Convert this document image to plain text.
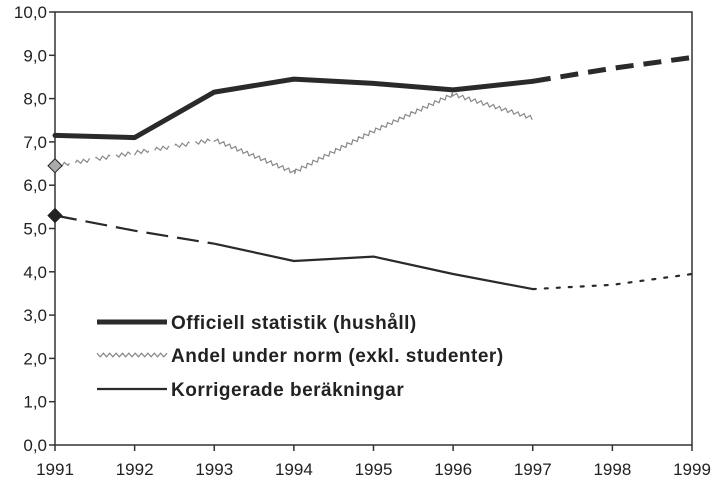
1991 1992 1993 1994 1995 1996 1997 1998 1999
0,0
1,0
2,0
3,0
4,0
5,0
6,0
7,0
8,0
9,0
10,0
Officiell statistik (hushåll)
Andel under norm (exkl. studenter)
Korrigerade beräkningar
